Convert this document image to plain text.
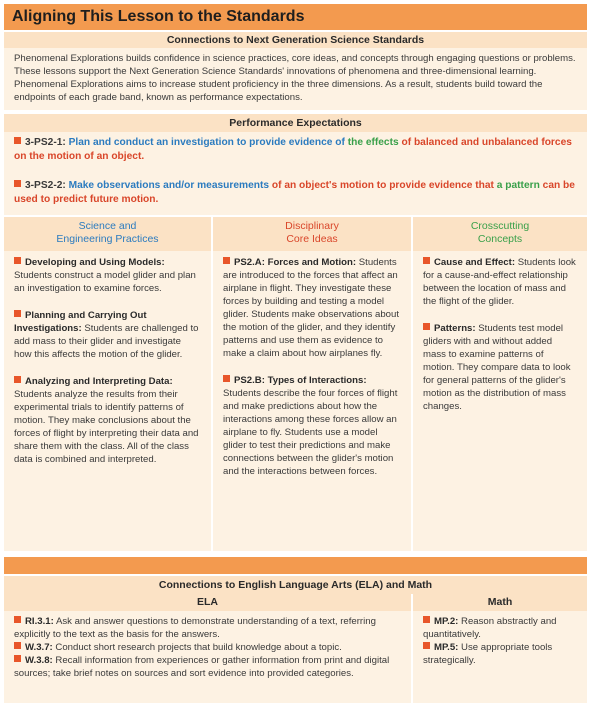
Aligning This Lesson to the Standards
Connections to Next Generation Science Standards
Phenomenal Explorations builds confidence in science practices, core ideas, and concepts through engaging questions or problems. These lessons support the Next Generation Science Standards' innovations of phenomena and three-dimensional learning. Phenomenal Explorations aims to increase student proficiency in the three dimensions. As a result, students build toward the endpoints of each grade band, known as performance expectations.
Performance Expectations

3-PS2-1: Plan and conduct an investigation to provide evidence of the effects of balanced and unbalanced forces on the motion of an object.

3-PS2-2: Make observations and/or measurements of an object's motion to provide evidence that a pattern can be used to predict future motion.

Science and
Engineering Practices
Disciplinary
Core Ideas
Crosscutting
Concepts
Developing and Using Models: Students construct a model glider and plan an investigation to examine forces.
Planning and Carrying Out Investigations: Students are challenged to add mass to their glider and investigate how this affects the motion of the glider.
Analyzing and Interpreting Data: Students analyze the results from their experimental trials to identify patterns of motion. They make conclusions about the forces of flight by interpreting their data and share them with the class. All of the class data is combined and interpreted.
PS2.A: Forces and Motion: Students are introduced to the forces that affect an airplane in flight. They investigate these forces by building and testing a model glider. Students make observations about the motion of the glider, and they identify patterns and use them as evidence to make a claim about how airplanes fly.
PS2.B: Types of Interactions: Students describe the four forces of flight and make predictions about how the interactions among these forces allow an airplane to fly. Students use a model glider to test their predictions and make connections between the glider's motion and the interactions between forces.
Cause and Effect: Students look for a cause-and-effect relationship between the location of mass and the flight of the glider.
Patterns: Students test model gliders with and without added mass to examine patterns of motion. They compare data to look for general patterns of the glider's motion as the distribution of mass changes.
Connections to English Language Arts (ELA) and Math
ELA	Math
RI.3.1: Ask and answer questions to demonstrate understanding of a text, referring explicitly to the text as the basis for the answers.
W.3.7: Conduct short research projects that build knowledge about a topic.
W.3.8: Recall information from experiences or gather information from print and digital sources; take brief notes on sources and sort evidence into provided categories.
MP.2: Reason abstractly and quantitatively.
MP.5: Use appropriate tools strategically.
